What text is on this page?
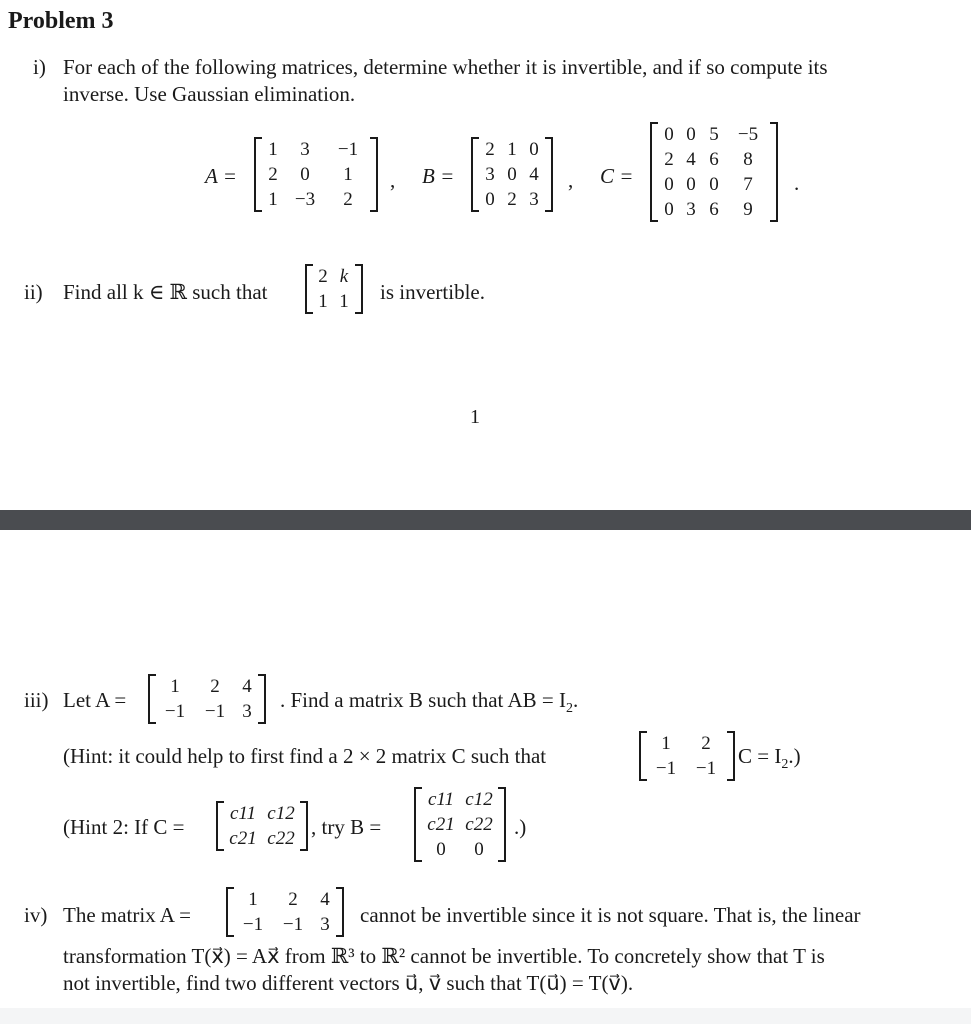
Problem 3
i) For each of the following matrices, determine whether it is invertible, and if so compute its
inverse. Use Gaussian elimination.
A =
1	3	−1
2	0	1
1 −3	2
, B =
2 1 0
3 0 4
0 2 3
, C =
0 0 5	−5
2 4 6	8
0 0 0	7
0 3 6	9
.
ii) Find all k ∈ ℝ such that
2 k
1 1 is invertible.
1
iii) Let A =
1	2	4
−1	−1 3 . Find a matrix B such that AB = $I_2$.
(Hint: it could help to first find a 2 × 2 matrix C such that
1	2
−1	−1
$C = I_2$.)
(Hint 2: If C =
c11 c12
c21 c22 , try B =
c11 c12
c21 c22
0	0
.)
iv) The matrix A =
1	2	4
−1	−1 3 cannot be invertible since it is not square. That is, the linear
transformation T(x⃗) = Ax⃗ from ℝ³ to ℝ² cannot be invertible. To concretely show that T is
not invertible, find two different vectors u⃗, v⃗ such that T(u⃗) = T(v⃗).
